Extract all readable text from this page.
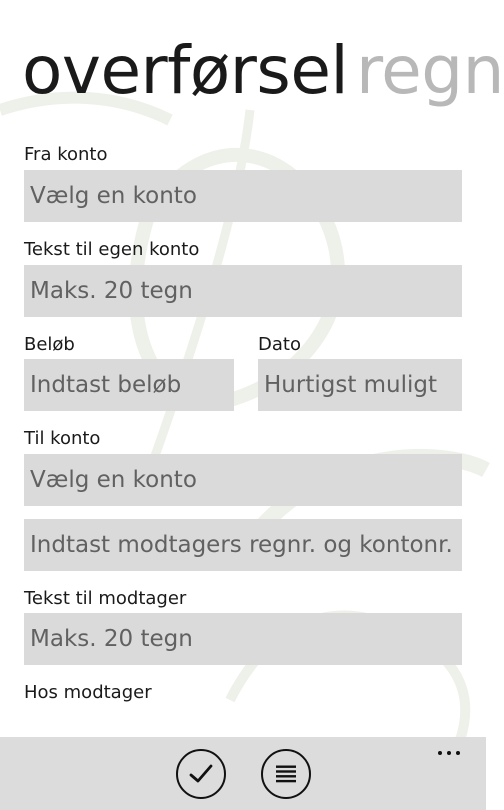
overførsel regn
Fra konto
Vælg en konto
Tekst til egen konto
Maks. 20 tegn
Beløb
Indtast beløb
Dato
Hurtigst muligt
Til konto
Vælg en konto
Indtast modtagers regnr. og kontonr.
Tekst til modtager
Maks. 20 tegn
Hos modtager
